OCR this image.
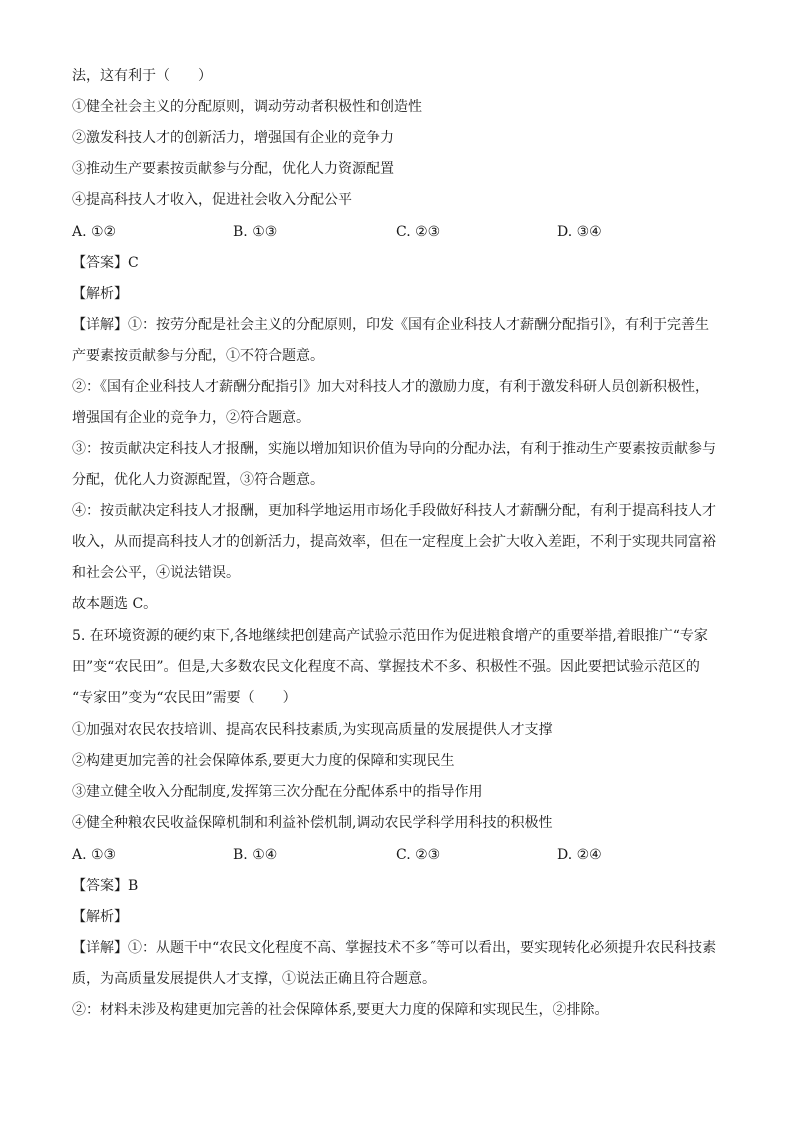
法，这有利于（　　）
①健全社会主义的分配原则，调动劳动者积极性和创造性
②激发科技人才的创新活力，增强国有企业的竞争力
③推动生产要素按贡献参与分配，优化人力资源配置
④提高科技人才收入，促进社会收入分配公平
A. ①②	B. ①③	C. ②③	D. ③④
【答案】C
【解析】
【详解】①：按劳分配是社会主义的分配原则，印发《国有企业科技人才薪酬分配指引》，有利于完善生
产要素按贡献参与分配，①不符合题意。
②：《国有企业科技人才薪酬分配指引》加大对科技人才的激励力度，有利于激发科研人员创新积极性，
增强国有企业的竞争力，②符合题意。
③：按贡献决定科技人才报酬，实施以增加知识价值为导向的分配办法，有利于推动生产要素按贡献参与
分配，优化人力资源配置，③符合题意。
④：按贡献决定科技人才报酬，更加科学地运用市场化手段做好科技人才薪酬分配，有利于提高科技人才
收入，从而提高科技人才的创新活力，提高效率，但在一定程度上会扩大收入差距，不利于实现共同富裕
和社会公平，④说法错误。
故本题选 C。
5. 在环境资源的硬约束下,各地继续把创建高产试验示范田作为促进粮食增产的重要举措,着眼推广“专家
田”变“农民田”。但是,大多数农民文化程度不高、掌握技术不多、积极性不强。因此要把试验示范区的
“专家田”变为“农民田”需要（　　）
①加强对农民农技培训、提高农民科技素质,为实现高质量的发展提供人才支撑
②构建更加完善的社会保障体系,要更大力度的保障和实现民生
③建立健全收入分配制度,发挥第三次分配在分配体系中的指导作用
④健全种粮农民收益保障机制和利益补偿机制,调动农民学科学用科技的积极性
A. ①③	B. ①④	C. ②③	D. ②④
【答案】B
【解析】
【详解】①：从题干中“农民文化程度不高、掌握技术不多˝等可以看出，要实现转化必须提升农民科技素
质，为高质量发展提供人才支撑，①说法正确且符合题意。
②：材料未涉及构建更加完善的社会保障体系,要更大力度的保障和实现民生，②排除。
